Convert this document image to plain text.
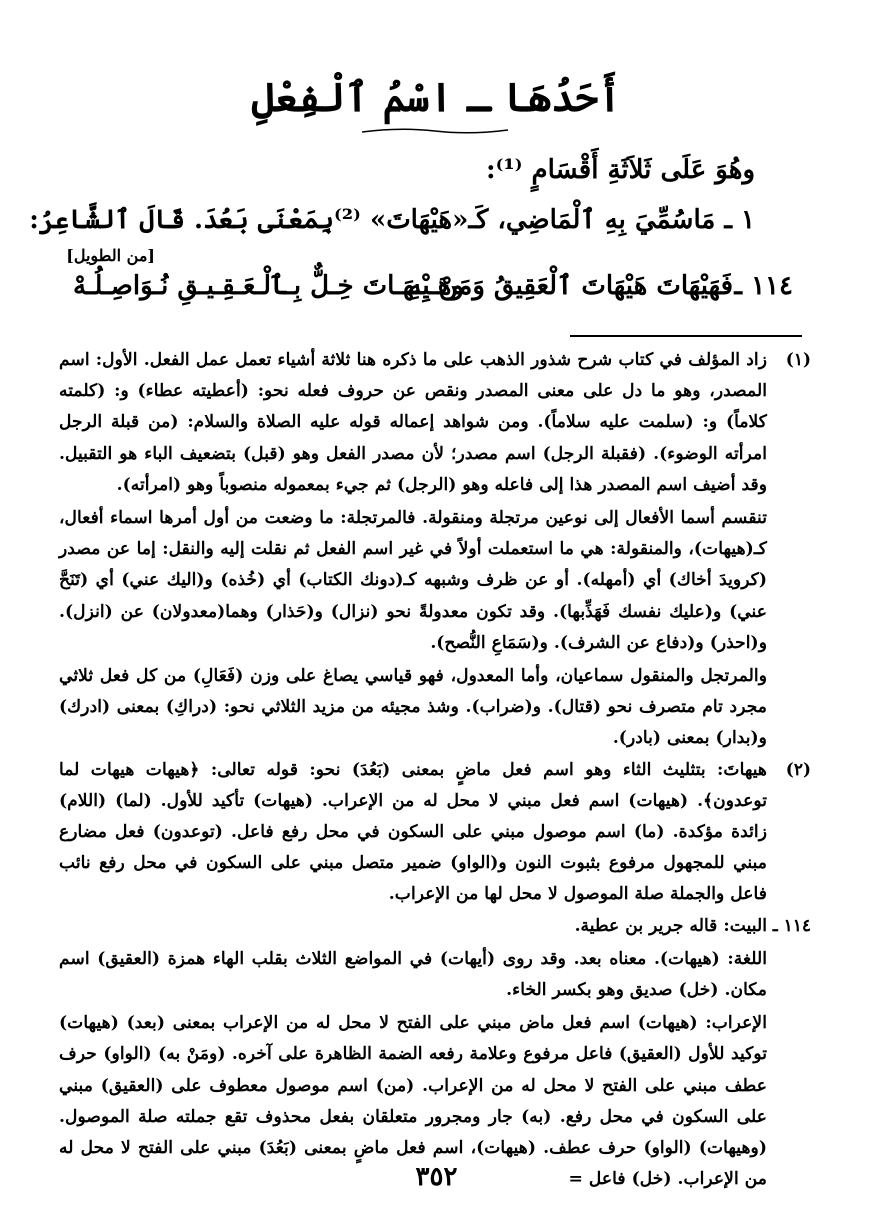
أَحَدُهَا ـ اسْمُ ٱلْفِعْلِ
وهُوَ عَلَى ثَلاَثَةِ أَقْسَامٍ ⁽¹⁾:
١ ـ مَاسُمِّيَ بِهِ ٱلْمَاضِي، كَـ«هَيْهَاتَ» ⁽²⁾بِمَعْنَى بَعُدَ. قَالَ ٱلشَّاعِرُ:
[من الطويل]
١١٤ ـ
فَهَيْهَاتَ هَيْهَاتَ ٱلْعَقِيقُ وَمَنْ بِهِ
وهَـيْـهَـاتَ خِـلٌّ بِـٱلْـعَـقِـيـقِ نُـوَاصِـلُـهْ
(١)

زاد المؤلف في كتاب شرح شذور الذهب على ما ذكره هنا ثلاثة أشياء تعمل عمل الفعل. الأول: اسم المصدر، وهو ما دل على معنى المصدر ونقص عن حروف فعله نحو: (أعطيته عطاء) و: (كلمته كلاماً) و: (سلمت عليه سلاماً). ومن شواهد إعماله قوله عليه الصلاة والسلام: (من قبلة الرجل امرأته الوضوء). (فقبلة الرجل) اسم مصدر؛ لأن مصدر الفعل وهو (قبل) بتضعيف الباء هو التقبيل. وقد أضيف اسم المصدر هذا إلى فاعله وهو (الرجل) ثم جيء بمعموله منصوباً وهو (امرأته).

تنقسم أسما الأفعال إلى نوعين مرتجلة ومنقولة. فالمرتجلة: ما وضعت من أول أمرها اسماء أفعال، كـ(هيهات)، والمنقولة: هي ما استعملت أولاً في غير اسم الفعل ثم نقلت إليه والنقل: إما عن مصدر (كرويدَ أخاك) أي (أمهله). أو عن ظرف وشبهه كـ(دونك الكتاب) أي (خُذه) و(اليك عني) أي (تَنَحَّ عني) و(عليك نفسك فَهَذِّبها). وقد تكون معدولةً نحو (نزال) و(حَذار) وهما(معدولان) عن (انزل). و(احذر) و(دفاع عن الشرف). و(سَمَاعِ النُّصح).

والمرتجل والمنقول سماعيان، وأما المعدول، فهو قياسي يصاغ على وزن (فَعَالِ) من كل فعل ثلاثي مجرد تام متصرف نحو (قتال). و(ضراب). وشذ مجيئه من مزيد الثلاثي نحو: (دراكِ) بمعنى (ادرك) و(بدار) بمعنى (بادر).

(٢)

هيهاتَ: بتثليث الثاء وهو اسم فعل ماضٍ بمعنى (بَعُدَ) نحو: قوله تعالى: ﴿هيهات هيهات لما توعدون﴾. (هيهات) اسم فعل مبني لا محل له من الإعراب. (هيهات) تأكيد للأول. (لما) (اللام) زائدة مؤكدة. (ما) اسم موصول مبني على السكون في محل رفع فاعل. (توعدون) فعل مضارع مبني للمجهول مرفوع بثبوت النون و(الواو) ضمير متصل مبني على السكون في محل رفع نائب فاعل والجملة صلة الموصول لا محل لها من الإعراب.

١١٤ ـ

البيت: قاله جرير بن عطية.

اللغة: (هيهات). معناه بعد. وقد روى (أيهات) في المواضع الثلاث بقلب الهاء همزة (العقيق) اسم مكان. (خل) صديق وهو بكسر الخاء.

الإعراب: (هيهات) اسم فعل ماض مبني على الفتح لا محل له من الإعراب بمعنى (بعد) (هيهات) توكيد للأول (العقيق) فاعل مرفوع وعلامة رفعه الضمة الظاهرة على آخره. (ومَنْ به) (الواو) حرف عطف مبني على الفتح لا محل له من الإعراب. (من) اسم موصول معطوف على (العقيق) مبني على السكون في محل رفع. (به) جار ومجرور متعلقان بفعل محذوف تقع جملته صلة الموصول. (وهيهات) (الواو) حرف عطف. (هيهات)، اسم فعل ماضٍ بمعنى (بَعُدَ) مبني على الفتح لا محل له من الإعراب. (خل) فاعل =

٣٥٢
